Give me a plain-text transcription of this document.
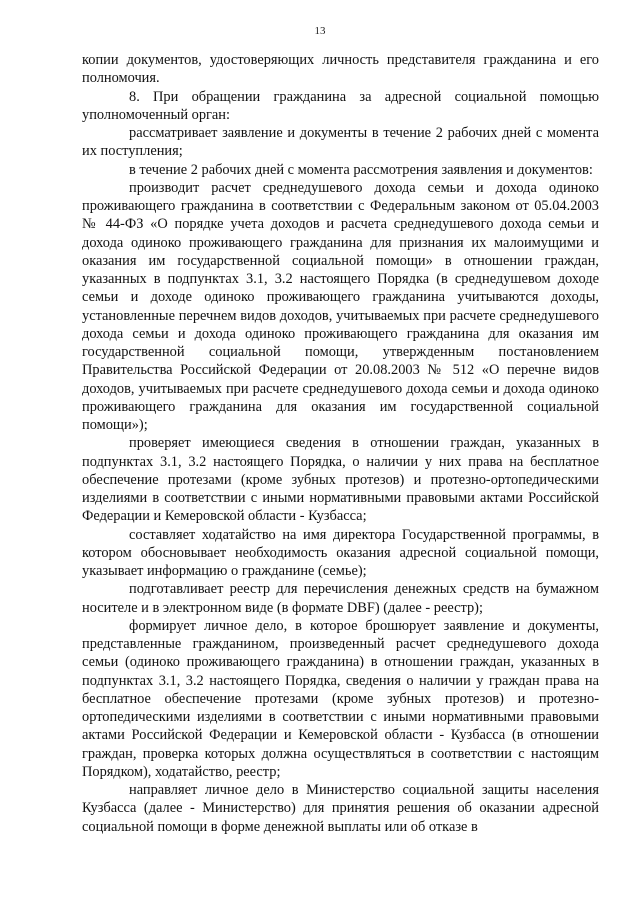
13

копии документов, удостоверяющих личность представителя гражданина и его полномочия.

8. При обращении гражданина за адресной социальной помощью уполномоченный орган:

рассматривает заявление и документы в течение 2 рабочих дней с момента их поступления;

в течение 2 рабочих дней с момента рассмотрения заявления и документов:

производит расчет среднедушевого дохода семьи и дохода одиноко проживающего гражданина в соответствии с Федеральным законом от 05.04.2003 № 44-ФЗ «О порядке учета доходов и расчета среднедушевого дохода семьи и дохода одиноко проживающего гражданина для признания их малоимущими и оказания им государственной социальной помощи» в отношении граждан, указанных в подпунктах 3.1, 3.2 настоящего Порядка (в среднедушевом доходе семьи и доходе одиноко проживающего гражданина учитываются доходы, установленные перечнем видов доходов, учитываемых при расчете среднедушевого дохода семьи и дохода одиноко проживающего гражданина для оказания им государственной социальной помощи, утвержденным постановлением Правительства Российской Федерации от 20.08.2003 № 512 «О перечне видов доходов, учитываемых при расчете среднедушевого дохода семьи и дохода одиноко проживающего гражданина для оказания им государственной социальной помощи»);

проверяет имеющиеся сведения в отношении граждан, указанных в подпунктах 3.1, 3.2 настоящего Порядка, о наличии у них права на бесплатное обеспечение протезами (кроме зубных протезов) и протезно-ортопедическими изделиями в соответствии с иными нормативными правовыми актами Российской Федерации и Кемеровской области - Кузбасса;

составляет ходатайство на имя директора Государственной программы, в котором обосновывает необходимость оказания адресной социальной помощи, указывает информацию о гражданине (семье);

подготавливает реестр для перечисления денежных средств на бумажном носителе и в электронном виде (в формате DBF) (далее - реестр);

формирует личное дело, в которое брошюрует заявление и документы, представленные гражданином, произведенный расчет среднедушевого дохода семьи (одиноко проживающего гражданина) в отношении граждан, указанных в подпунктах 3.1, 3.2 настоящего Порядка, сведения о наличии у граждан права на бесплатное обеспечение протезами (кроме зубных протезов) и протезно-ортопедическими изделиями в соответствии с иными нормативными правовыми актами Российской Федерации и Кемеровской области - Кузбасса (в отношении граждан, проверка которых должна осуществляться в соответствии с настоящим Порядком), ходатайство, реестр;

направляет личное дело в Министерство социальной защиты населения Кузбасса (далее - Министерство) для принятия решения об оказании адресной социальной помощи в форме денежной выплаты или об отказе в
